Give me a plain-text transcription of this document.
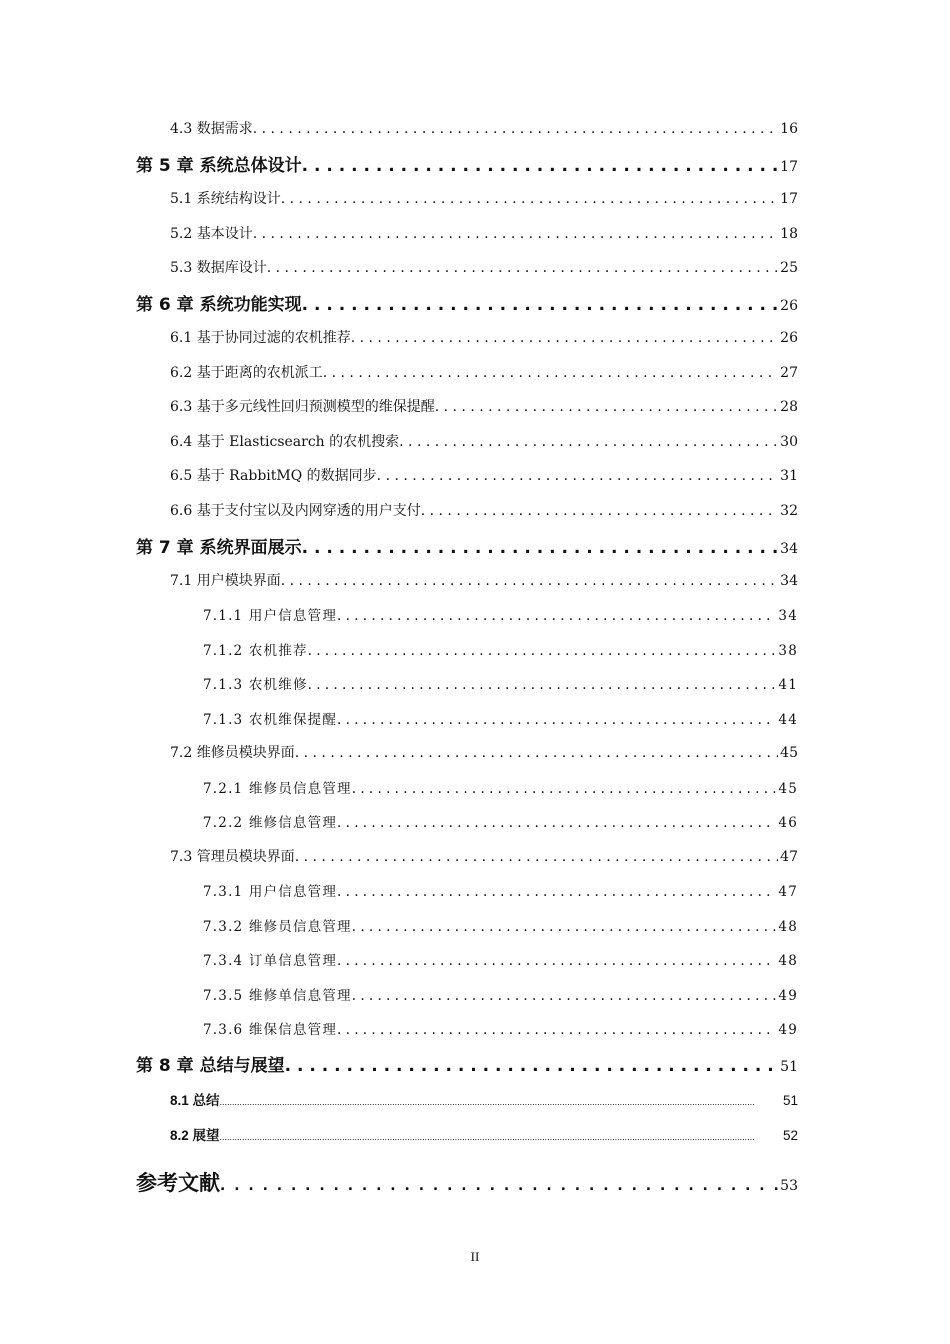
4.3 数据需求 . . .	16
第 5 章 系统总体设计 . . .	17
5.1 系统结构设计 . . .	17
5.2 基本设计 . . .	18
5.3 数据库设计 . . .	25
第 6 章 系统功能实现 . . .	26
6.1 基于协同过滤的农机推荐 . . .	26
6.2 基于距离的农机派工 . . .	27
6.3 基于多元线性回归预测模型的维保提醒 . . .	28
6.4 基于 Elasticsearch 的农机搜索 . . .	30
6.5 基于 RabbitMQ 的数据同步 . . .	31
6.6 基于支付宝以及内网穿透的用户支付 . . .	32
第 7 章 系统界面展示 . . .	34
7.1 用户模块界面 . . .	34
7.1.1 用户信息管理 . . .	34
7.1.2 农机推荐 . . .	38
7.1.3 农机维修 . . .	41
7.1.3 农机维保提醒 . . .	44
7.2 维修员模块界面 . . .	45
7.2.1 维修员信息管理 . . .	45
7.2.2 维修信息管理 . . .	46
7.3 管理员模块界面 . . .	47
7.3.1 用户信息管理 . . .	47
7.3.2 维修员信息管理 . . .	48
7.3.4 订单信息管理 . . .	48
7.3.5 维修单信息管理 . . .	49
7.3.6 维保信息管理 . . .	49
第 8 章 总结与展望 . . .	51
8.1 总结 .....	51
8.2 展望 .....	52
参考文献 . . .	53
II
